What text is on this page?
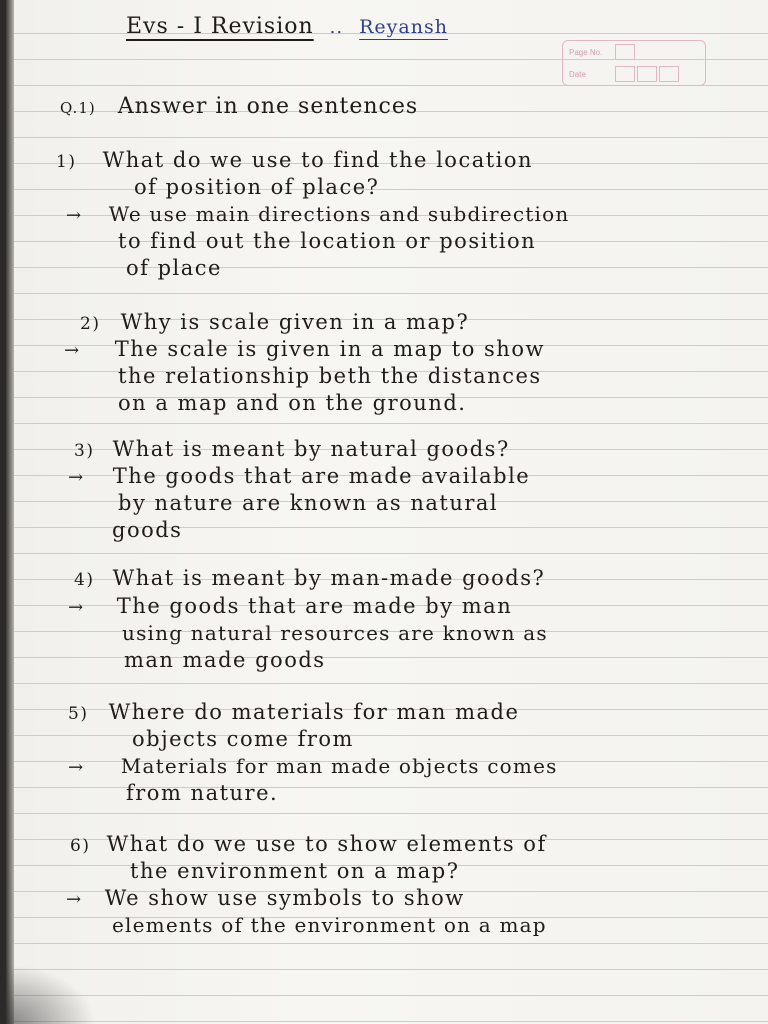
Evs - I Revision .. Reyansh
Page No.
Date
Q.1) Answer in one sentences
1) What do we use to find the location
of position of place?
→ We use main directions and subdirection
to find out the location or position
of place
2) Why is scale given in a map?
→ The scale is given in a map to show
the relationship beth the distances
on a map and on the ground.
3) What is meant by natural goods?
→ The goods that are made available
by nature are known as natural
goods
4) What is meant by man-made goods?
→ The goods that are made by man
using natural resources are known as
man made goods
5) Where do materials for man made
objects come from
→ Materials for man made objects comes
from nature.
6) What do we use to show elements of
the environment on a map?
→ We show use symbols to show
elements of the environment on a map
